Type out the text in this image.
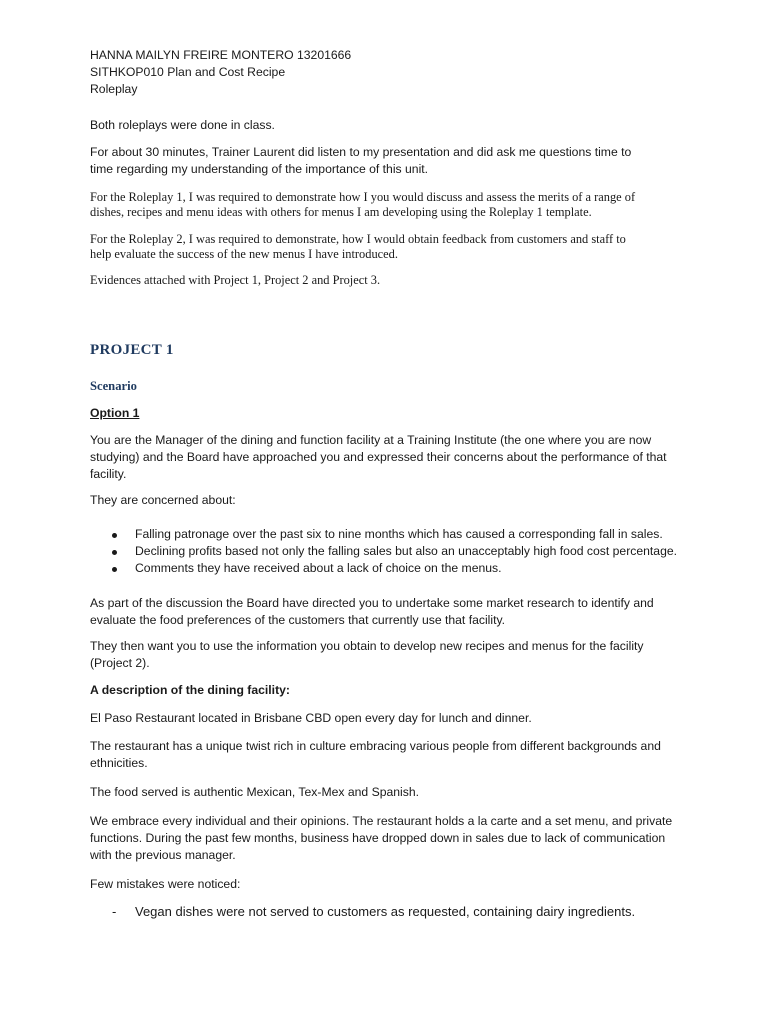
HANNA MAILYN FREIRE MONTERO 13201666
SITHKOP010 Plan and Cost Recipe
Roleplay
Both roleplays were done in class.
For about 30 minutes, Trainer Laurent did listen to my presentation and did ask me questions time to
time regarding my understanding of the importance of this unit.
For the Roleplay 1, I was required to demonstrate how I you would discuss and assess the merits of a range of
dishes, recipes and menu ideas with others for menus I am developing using the Roleplay 1 template.
For the Roleplay 2, I was required to demonstrate, how I would obtain feedback from customers and staff to
help evaluate the success of the new menus I have introduced.
Evidences attached with Project 1, Project 2 and Project 3.
PROJECT 1
Scenario
Option 1
You are the Manager of the dining and function facility at a Training Institute (the one where you are now
studying) and the Board have approached you and expressed their concerns about the performance of that
facility.
They are concerned about:
Falling patronage over the past six to nine months which has caused a corresponding fall in sales.
Declining profits based not only the falling sales but also an unacceptably high food cost percentage.
Comments they have received about a lack of choice on the menus.
As part of the discussion the Board have directed you to undertake some market research to identify and
evaluate the food preferences of the customers that currently use that facility.
They then want you to use the information you obtain to develop new recipes and menus for the facility
(Project 2).
A description of the dining facility:
El Paso Restaurant located in Brisbane CBD open every day for lunch and dinner.
The restaurant has a unique twist rich in culture embracing various people from different backgrounds and
ethnicities.
The food served is authentic Mexican, Tex-Mex and Spanish.
We embrace every individual and their opinions. The restaurant holds a la carte and a set menu, and private
functions. During the past few months, business have dropped down in sales due to lack of communication
with the previous manager.
Few mistakes were noticed:
- Vegan dishes were not served to customers as requested, containing dairy ingredients.
